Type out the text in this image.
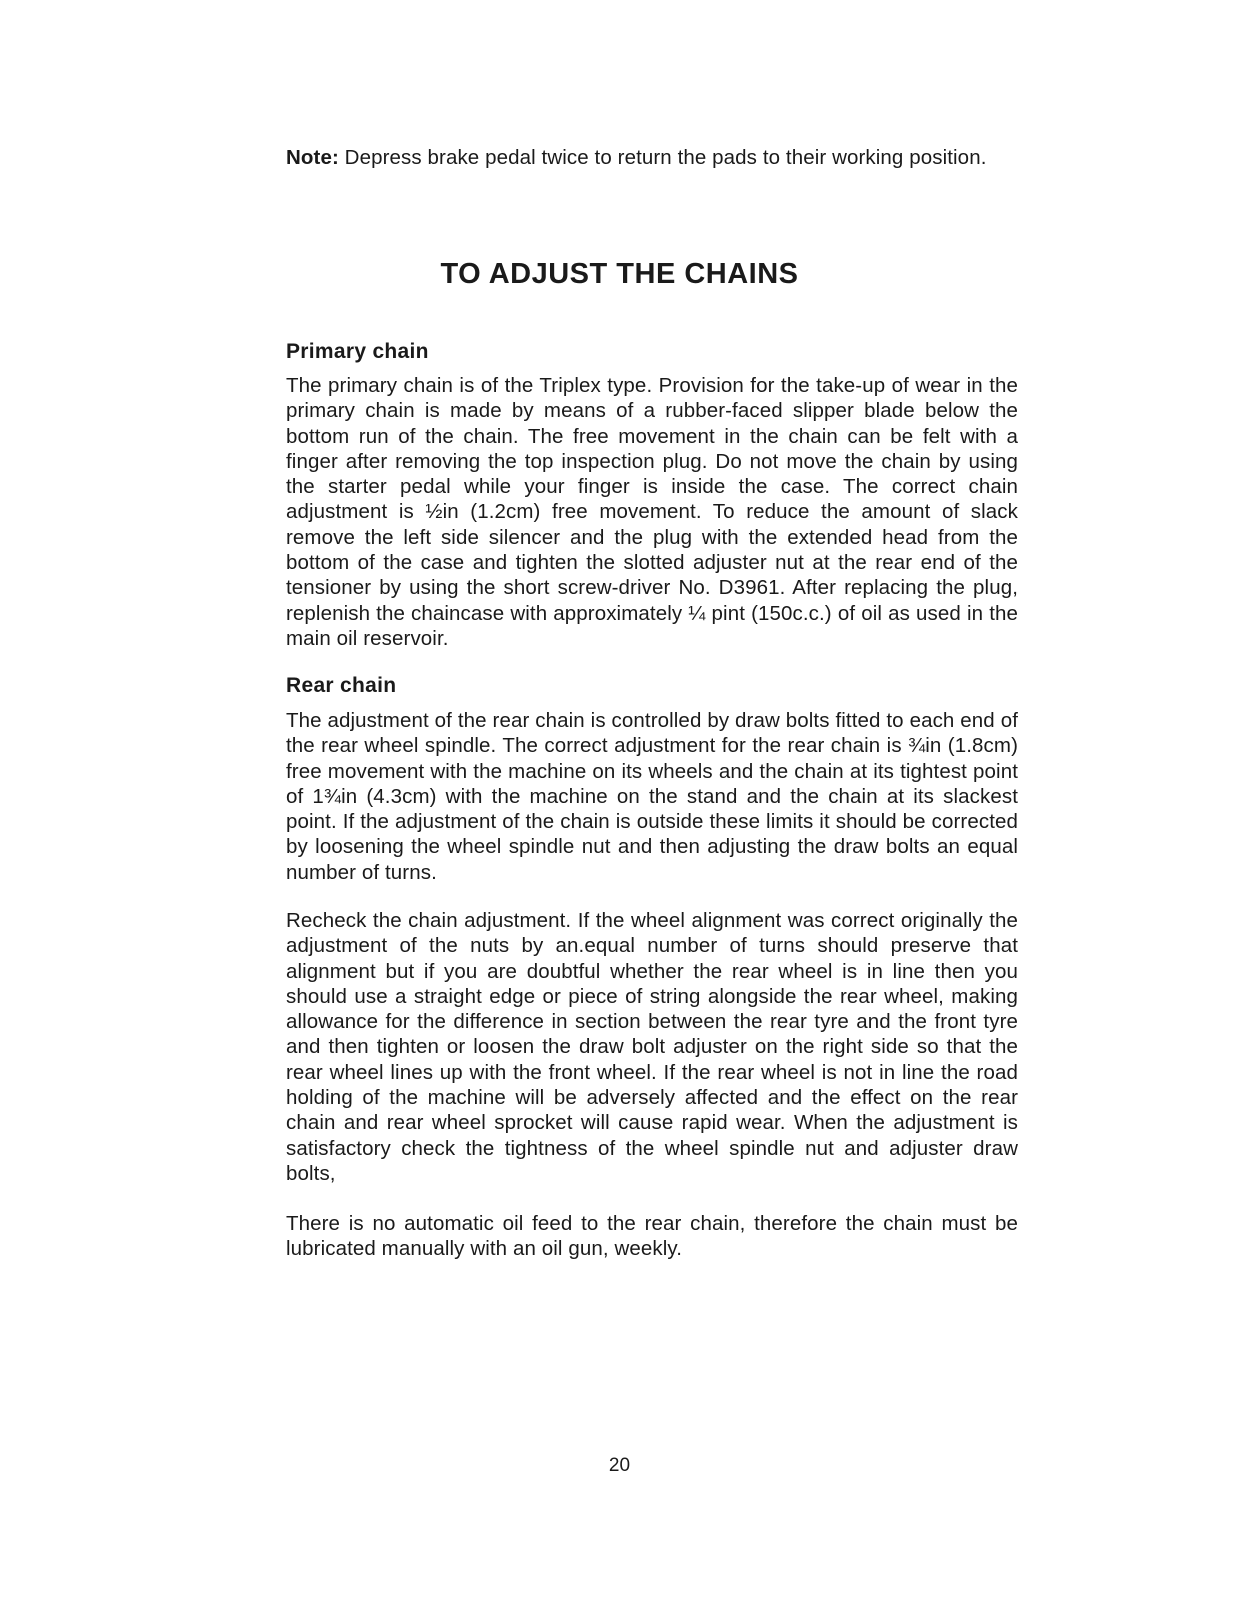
Note: Depress brake pedal twice to return the pads to their working position.

TO ADJUST THE CHAINS
Primary chain

The primary chain is of the Triplex type. Provision for the take-up of wear in the primary chain is made by means of a rubber-faced slipper blade below the bottom run of the chain. The free movement in the chain can be felt with a finger after removing the top inspection plug. Do not move the chain by using the starter pedal while your finger is inside the case. The correct chain adjustment is ½in (1.2cm) free movement. To reduce the amount of slack remove the left side silencer and the plug with the extended head from the bottom of the case and tighten the slotted adjuster nut at the rear end of the tensioner by using the short screw-driver No. D3961. After replacing the plug, replenish the chaincase with approximately ¼ pint (150c.c.) of oil as used in the main oil reservoir.

Rear chain

The adjustment of the rear chain is controlled by draw bolts fitted to each end of the rear wheel spindle. The correct adjustment for the rear chain is ¾in (1.8cm) free movement with the machine on its wheels and the chain at its tightest point of 1¾in (4.3cm) with the machine on the stand and the chain at its slackest point. If the adjustment of the chain is outside these limits it should be corrected by loosening the wheel spindle nut and then adjusting the draw bolts an equal number of turns.

Recheck the chain adjustment. If the wheel alignment was correct originally the adjustment of the nuts by an.equal number of turns should preserve that alignment but if you are doubtful whether the rear wheel is in line then you should use a straight edge or piece of string alongside the rear wheel, making allowance for the difference in section between the rear tyre and the front tyre and then tighten or loosen the draw bolt adjuster on the right side so that the rear wheel lines up with the front wheel. If the rear wheel is not in line the road holding of the machine will be adversely affected and the effect on the rear chain and rear wheel sprocket will cause rapid wear. When the adjustment is satisfactory check the tightness of the wheel spindle nut and adjuster draw bolts,

There is no automatic oil feed to the rear chain, therefore the chain must be lubricated manually with an oil gun, weekly.

20
